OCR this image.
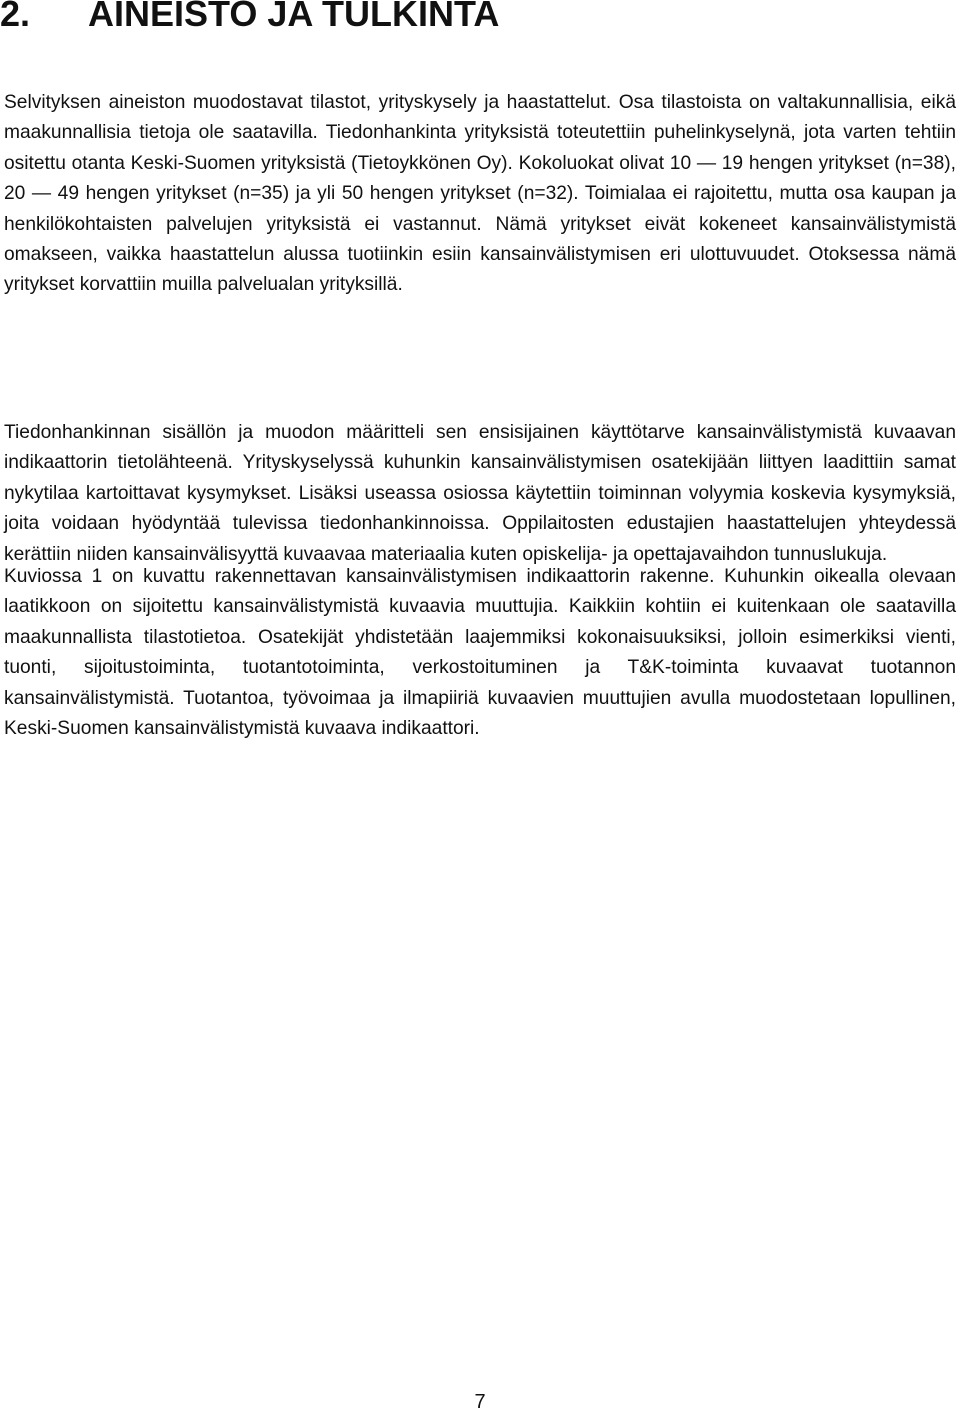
2. AINEISTO JA TULKINTA

Selvityksen aineiston muodostavat tilastot, yrityskysely ja haastattelut. Osa tilastoista on valtakunnallisia, eikä maakunnallisia tietoja ole saatavilla. Tiedonhankinta yrityksistä toteutettiin puhelinkyselynä, jota varten tehtiin ositettu otanta Keski-Suomen yrityksistä (Tietoykkönen Oy). Kokoluokat olivat 10 — 19 hengen yritykset (n=38), 20 — 49 hengen yritykset (n=35) ja yli 50 hengen yritykset (n=32). Toimialaa ei rajoitettu, mutta osa kaupan ja henkilökohtaisten palvelujen yrityksistä ei vastannut. Nämä yritykset eivät kokeneet kansainvälistymistä omakseen, vaikka haastattelun alussa tuotiinkin esiin kansainvälistymisen eri ulottuvuudet. Otoksessa nämä yritykset korvattiin muilla palvelualan yrityksillä.

Tiedonhankinnan sisällön ja muodon määritteli sen ensisijainen käyttötarve kansainvälistymistä kuvaavan indikaattorin tietolähteenä. Yrityskyselyssä kuhunkin kansainvälistymisen osatekijään liittyen laadittiin samat nykytilaa kartoittavat kysymykset. Lisäksi useassa osiossa käytettiin toiminnan volyymia koskevia kysymyksiä, joita voidaan hyödyntää tulevissa tiedonhankinnoissa. Oppilaitosten edustajien haastattelujen yhteydessä kerättiin niiden kansainvälisyyttä kuvaavaa materiaalia kuten opiskelija- ja opettajavaihdon tunnuslukuja.

Kuviossa 1 on kuvattu rakennettavan kansainvälistymisen indikaattorin rakenne. Kuhunkin oikealla olevaan laatikkoon on sijoitettu kansainvälistymistä kuvaavia muuttujia. Kaikkiin kohtiin ei kuitenkaan ole saatavilla maakunnallista tilastotietoa. Osatekijät yhdistetään laajemmiksi kokonaisuuksiksi, jolloin esimerkiksi vienti, tuonti, sijoitustoiminta, tuotantotoiminta, verkostoituminen ja T&K-toiminta kuvaavat tuotannon kansainvälistymistä. Tuotantoa, työvoimaa ja ilmapiiriä kuvaavien muuttujien avulla muodostetaan lopullinen, Keski-Suomen kansainvälistymistä kuvaava indikaattori.

7
